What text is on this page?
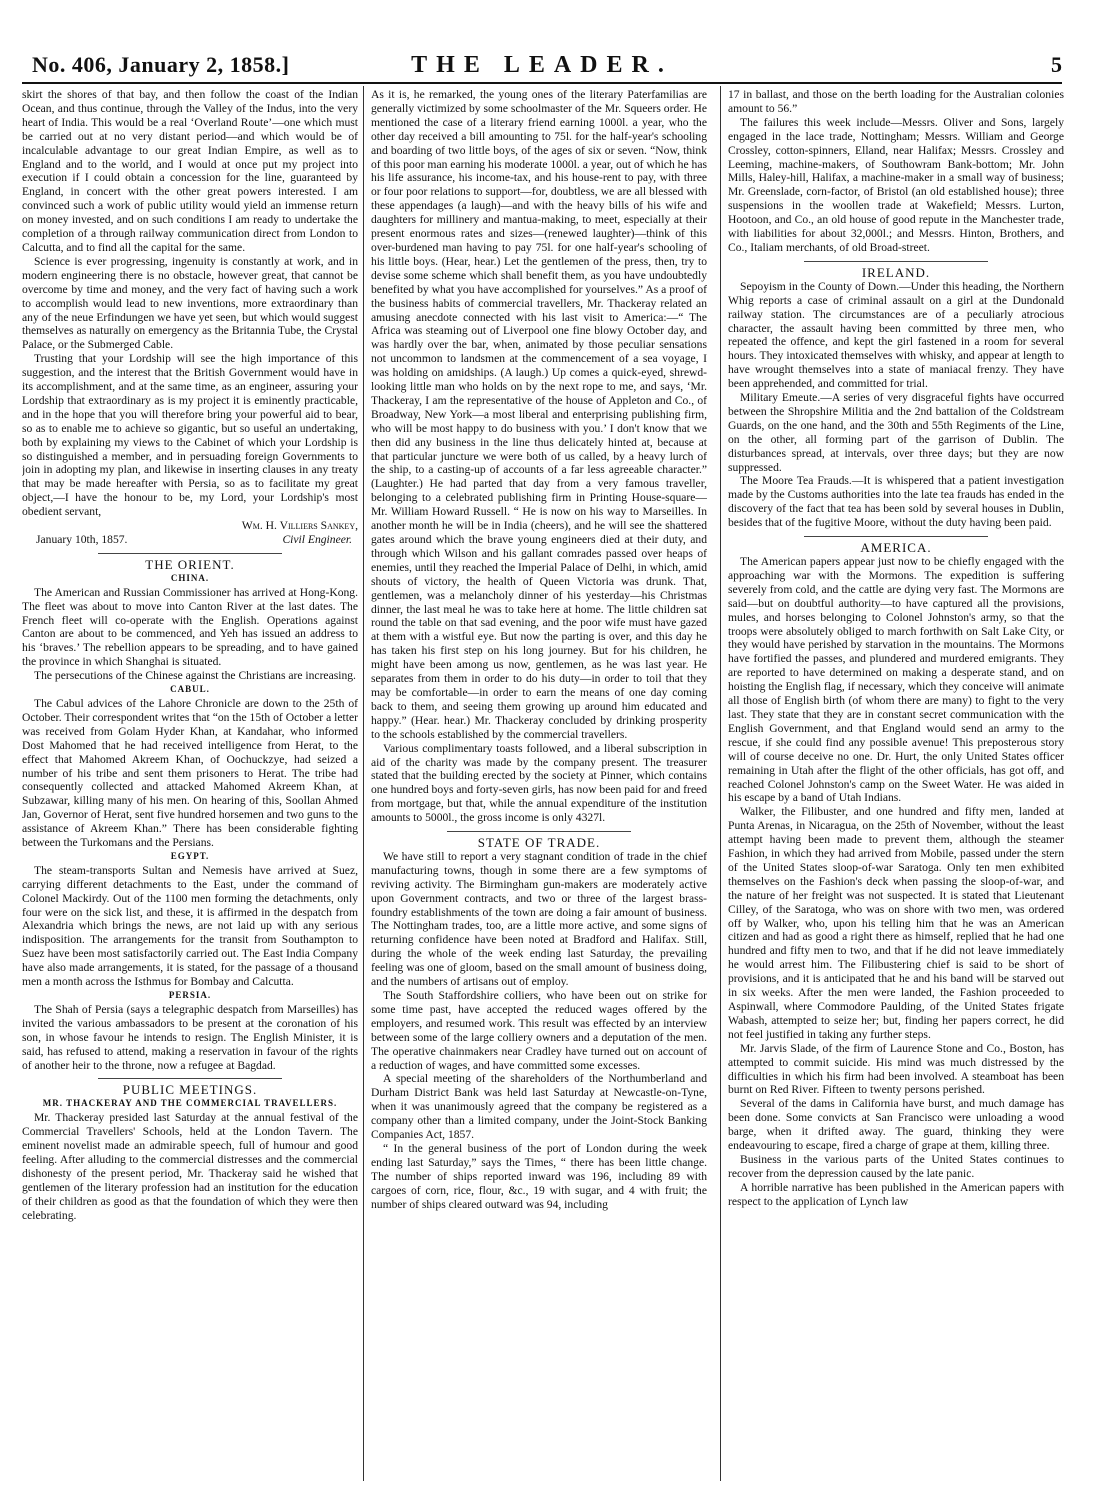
No. 406, January 2, 1858.]	THE LEADER.	5

skirt the shores of that bay, and then follow the coast of the Indian Ocean, and thus continue, through the Valley of the Indus, into the very heart of India. This would be a real ‘Overland Route’—one which must be carried out at no very distant period—and which would be of incalculable advantage to our great Indian Empire, as well as to England and to the world, and I would at once put my project into execution if I could obtain a concession for the line, guaranteed by England, in concert with the other great powers interested. I am convinced such a work of public utility would yield an immense return on money invested, and on such conditions I am ready to undertake the completion of a through railway communication direct from London to Calcutta, and to find all the capital for the same.

Science is ever progressing, ingenuity is constantly at work, and in modern engineering there is no obstacle, however great, that cannot be overcome by time and money, and the very fact of having such a work to accomplish would lead to new inventions, more extraordinary than any of the neue Erfindungen we have yet seen, but which would suggest themselves as naturally on emergency as the Britannia Tube, the Crystal Palace, or the Submerged Cable.

Trusting that your Lordship will see the high importance of this suggestion, and the interest that the British Government would have in its accomplishment, and at the same time, as an engineer, assuring your Lordship that extraordinary as is my project it is eminently practicable, and in the hope that you will therefore bring your powerful aid to bear, so as to enable me to achieve so gigantic, but so useful an undertaking, both by explaining my views to the Cabinet of which your Lordship is so distinguished a member, and in persuading foreign Governments to join in adopting my plan, and likewise in inserting clauses in any treaty that may be made hereafter with Persia, so as to facilitate my great object,—I have the honour to be, my Lord, your Lordship's most obedient servant,

Wm. H. Villiers Sankey,

January 10th, 1857.	Civil Engineer.

THE ORIENT.

CHINA.

The American and Russian Commissioner has arrived at Hong-Kong. The fleet was about to move into Canton River at the last dates. The French fleet will co-operate with the English. Operations against Canton are about to be commenced, and Yeh has issued an address to his ‘braves.’ The rebellion appears to be spreading, and to have gained the province in which Shanghai is situated.

The persecutions of the Chinese against the Christians are increasing.

CABUL.

The Cabul advices of the Lahore Chronicle are down to the 25th of October. Their correspondent writes that “on the 15th of October a letter was received from Golam Hyder Khan, at Kandahar, who informed Dost Mahomed that he had received intelligence from Herat, to the effect that Mahomed Akreem Khan, of Oochuckzye, had seized a number of his tribe and sent them prisoners to Herat. The tribe had consequently collected and attacked Mahomed Akreem Khan, at Subzawar, killing many of his men. On hearing of this, Soollan Ahmed Jan, Governor of Herat, sent five hundred horsemen and two guns to the assistance of Akreem Khan.” There has been considerable fighting between the Turkomans and the Persians.

EGYPT.

The steam-transports Sultan and Nemesis have arrived at Suez, carrying different detachments to the East, under the command of Colonel Mackirdy. Out of the 1100 men forming the detachments, only four were on the sick list, and these, it is affirmed in the despatch from Alexandria which brings the news, are not laid up with any serious indisposition. The arrangements for the transit from Southampton to Suez have been most satisfactorily carried out. The East India Company have also made arrangements, it is stated, for the passage of a thousand men a month across the Isthmus for Bombay and Calcutta.

PERSIA.

The Shah of Persia (says a telegraphic despatch from Marseilles) has invited the various ambassadors to be present at the coronation of his son, in whose favour he intends to resign. The English Minister, it is said, has refused to attend, making a reservation in favour of the rights of another heir to the throne, now a refugee at Bagdad.

PUBLIC MEETINGS.

MR. THACKERAY AND THE COMMERCIAL TRAVELLERS.

Mr. Thackeray presided last Saturday at the annual festival of the Commercial Travellers' Schools, held at the London Tavern. The eminent novelist made an admirable speech, full of humour and good feeling. After alluding to the commercial distresses and the commercial dishonesty of the present period, Mr. Thackeray said he wished that gentlemen of the literary profession had an institution for the education of their children as good as that the foundation of which they were then celebrating.

As it is, he remarked, the young ones of the literary Paterfamilias are generally victimized by some schoolmaster of the Mr. Squeers order. He mentioned the case of a literary friend earning 1000l. a year, who the other day received a bill amounting to 75l. for the half-year's schooling and boarding of two little boys, of the ages of six or seven. “Now, think of this poor man earning his moderate 1000l. a year, out of which he has his life assurance, his income-tax, and his house-rent to pay, with three or four poor relations to support—for, doubtless, we are all blessed with these appendages (a laugh)—and with the heavy bills of his wife and daughters for millinery and mantua-making, to meet, especially at their present enormous rates and sizes—(renewed laughter)—think of this over-burdened man having to pay 75l. for one half-year's schooling of his little boys. (Hear, hear.) Let the gentlemen of the press, then, try to devise some scheme which shall benefit them, as you have undoubtedly benefited by what you have accomplished for yourselves.” As a proof of the business habits of commercial travellers, Mr. Thackeray related an amusing anecdote connected with his last visit to America:—“ The Africa was steaming out of Liverpool one fine blowy October day, and was hardly over the bar, when, animated by those peculiar sensations not uncommon to landsmen at the commencement of a sea voyage, I was holding on amidships. (A laugh.) Up comes a quick-eyed, shrewd-looking little man who holds on by the next rope to me, and says, ‘Mr. Thackeray, I am the representative of the house of Appleton and Co., of Broadway, New York—a most liberal and enterprising publishing firm, who will be most happy to do business with you.’ I don't know that we then did any business in the line thus delicately hinted at, because at that particular juncture we were both of us called, by a heavy lurch of the ship, to a casting-up of accounts of a far less agreeable character.” (Laughter.) He had parted that day from a very famous traveller, belonging to a celebrated publishing firm in Printing House-square—Mr. William Howard Russell. “ He is now on his way to Marseilles. In another month he will be in India (cheers), and he will see the shattered gates around which the brave young engineers died at their duty, and through which Wilson and his gallant comrades passed over heaps of enemies, until they reached the Imperial Palace of Delhi, in which, amid shouts of victory, the health of Queen Victoria was drunk. That, gentlemen, was a melancholy dinner of his yesterday—his Christmas dinner, the last meal he was to take here at home. The little children sat round the table on that sad evening, and the poor wife must have gazed at them with a wistful eye. But now the parting is over, and this day he has taken his first step on his long journey. But for his children, he might have been among us now, gentlemen, as he was last year. He separates from them in order to do his duty—in order to toil that they may be comfortable—in order to earn the means of one day coming back to them, and seeing them growing up around him educated and happy.” (Hear. hear.) Mr. Thackeray concluded by drinking prosperity to the schools established by the commercial travellers.

Various complimentary toasts followed, and a liberal subscription in aid of the charity was made by the company present. The treasurer stated that the building erected by the society at Pinner, which contains one hundred boys and forty-seven girls, has now been paid for and freed from mortgage, but that, while the annual expenditure of the institution amounts to 5000l., the gross income is only 4327l.

STATE OF TRADE.

We have still to report a very stagnant condition of trade in the chief manufacturing towns, though in some there are a few symptoms of reviving activity. The Birmingham gun-makers are moderately active upon Government contracts, and two or three of the largest brass-foundry establishments of the town are doing a fair amount of business. The Nottingham trades, too, are a little more active, and some signs of returning confidence have been noted at Bradford and Halifax. Still, during the whole of the week ending last Saturday, the prevailing feeling was one of gloom, based on the small amount of business doing, and the numbers of artisans out of employ.

The South Staffordshire colliers, who have been out on strike for some time past, have accepted the reduced wages offered by the employers, and resumed work. This result was effected by an interview between some of the large colliery owners and a deputation of the men. The operative chainmakers near Cradley have turned out on account of a reduction of wages, and have committed some excesses.

A special meeting of the shareholders of the Northumberland and Durham District Bank was held last Saturday at Newcastle-on-Tyne, when it was unanimously agreed that the company be registered as a company other than a limited company, under the Joint-Stock Banking Companies Act, 1857.

“ In the general business of the port of London during the week ending last Saturday,” says the Times, “ there has been little change. The number of ships reported inward was 196, including 89 with cargoes of corn, rice, flour, &c., 19 with sugar, and 4 with fruit; the number of ships cleared outward was 94, including

17 in ballast, and those on the berth loading for the Australian colonies amount to 56.”

The failures this week include—Messrs. Oliver and Sons, largely engaged in the lace trade, Nottingham; Messrs. William and George Crossley, cotton-spinners, Elland, near Halifax; Messrs. Crossley and Leeming, machine-makers, of Southowram Bank-bottom; Mr. John Mills, Haley-hill, Halifax, a machine-maker in a small way of business; Mr. Greenslade, corn-factor, of Bristol (an old established house); three suspensions in the woollen trade at Wakefield; Messrs. Lurton, Hootoon, and Co., an old house of good repute in the Manchester trade, with liabilities for about 32,000l.; and Messrs. Hinton, Brothers, and Co., Italiam merchants, of old Broad-street.

IRELAND.

Sepoyism in the County of Down.—Under this heading, the Northern Whig reports a case of criminal assault on a girl at the Dundonald railway station. The circumstances are of a peculiarly atrocious character, the assault having been committed by three men, who repeated the offence, and kept the girl fastened in a room for several hours. They intoxicated themselves with whisky, and appear at length to have wrought themselves into a state of maniacal frenzy. They have been apprehended, and committed for trial.

Military Emeute.—A series of very disgraceful fights have occurred between the Shropshire Militia and the 2nd battalion of the Coldstream Guards, on the one hand, and the 30th and 55th Regiments of the Line, on the other, all forming part of the garrison of Dublin. The disturbances spread, at intervals, over three days; but they are now suppressed.

The Moore Tea Frauds.—It is whispered that a patient investigation made by the Customs authorities into the late tea frauds has ended in the discovery of the fact that tea has been sold by several houses in Dublin, besides that of the fugitive Moore, without the duty having been paid.

AMERICA.

The American papers appear just now to be chiefly engaged with the approaching war with the Mormons. The expedition is suffering severely from cold, and the cattle are dying very fast. The Mormons are said—but on doubtful authority—to have captured all the provisions, mules, and horses belonging to Colonel Johnston's army, so that the troops were absolutely obliged to march forthwith on Salt Lake City, or they would have perished by starvation in the mountains. The Mormons have fortified the passes, and plundered and murdered emigrants. They are reported to have determined on making a desperate stand, and on hoisting the English flag, if necessary, which they conceive will animate all those of English birth (of whom there are many) to fight to the very last. They state that they are in constant secret communication with the English Government, and that England would send an army to the rescue, if she could find any possible avenue! This preposterous story will of course deceive no one. Dr. Hurt, the only United States officer remaining in Utah after the flight of the other officials, has got off, and reached Colonel Johnston's camp on the Sweet Water. He was aided in his escape by a band of Utah Indians.

Walker, the Filibuster, and one hundred and fifty men, landed at Punta Arenas, in Nicaragua, on the 25th of November, without the least attempt having been made to prevent them, although the steamer Fashion, in which they had arrived from Mobile, passed under the stern of the United States sloop-of-war Saratoga. Only ten men exhibited themselves on the Fashion's deck when passing the sloop-of-war, and the nature of her freight was not suspected. It is stated that Lieutenant Cilley, of the Saratoga, who was on shore with two men, was ordered off by Walker, who, upon his telling him that he was an American citizen and had as good a right there as himself, replied that he had one hundred and fifty men to two, and that if he did not leave immediately he would arrest him. The Filibustering chief is said to be short of provisions, and it is anticipated that he and his band will be starved out in six weeks. After the men were landed, the Fashion proceeded to Aspinwall, where Commodore Paulding, of the United States frigate Wabash, attempted to seize her; but, finding her papers correct, he did not feel justified in taking any further steps.

Mr. Jarvis Slade, of the firm of Laurence Stone and Co., Boston, has attempted to commit suicide. His mind was much distressed by the difficulties in which his firm had been involved. A steamboat has been burnt on Red River. Fifteen to twenty persons perished.

Several of the dams in California have burst, and much damage has been done. Some convicts at San Francisco were unloading a wood barge, when it drifted away. The guard, thinking they were endeavouring to escape, fired a charge of grape at them, killing three.

Business in the various parts of the United States continues to recover from the depression caused by the late panic.

A horrible narrative has been published in the American papers with respect to the application of Lynch law
